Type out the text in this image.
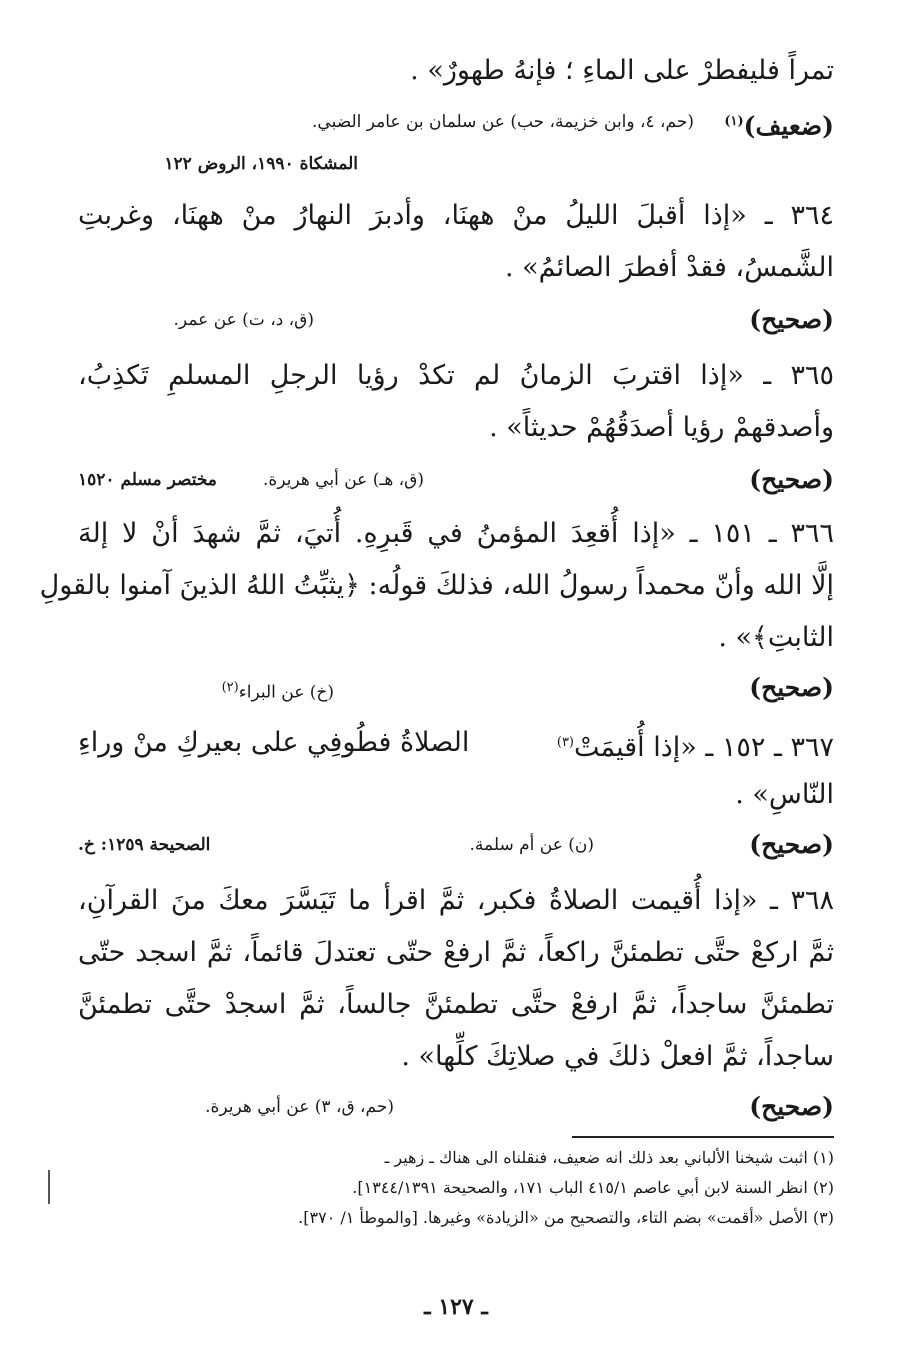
تمراً فليفطرْ على الماءِ ؛ فإنهُ طهورٌ» .
(ضعيف)$^{(١)}$
(حم، ٤، وابن خزيمة، حب) عن سلمان بن عامر الضبي.
المشكاة ١٩٩٠، الروض ١٢٢
٣٦٤ ـ «إذا أقبلَ الليلُ منْ ههنَا، وأدبرَ النهارُ منْ ههنَا، وغربتِ
الشَّمسُ، فقدْ أفطرَ الصائمُ» .
(صحيح)
(ق، د، ت) عن عمر.
٣٦٥ ـ «إذا اقتربَ الزمانُ لم تكدْ رؤيا الرجلِ المسلمِ تَكذِبُ،
وأصدقهمْ رؤيا أصدَقُهُمْ حديثاً» .
(صحيح)
(ق، هـ) عن أبي هريرة.
مختصر مسلم ١٥٢٠
٣٦٦ ـ ١٥١ ـ «إذا أُقعِدَ المؤمنُ في قَبرِهِ. أُتيَ، ثمَّ شهدَ أنْ لا إلهَ
إلَّا الله وأنّ محمداً رسولُ الله، فذلكَ قولُه: ﴿يثبِّتُ اللهُ الذينَ آمنوا بالقولِ
الثابتِ﴾» .
(صحيح)
(خ) عن البراء$^{(٢)}$
٣٦٧ ـ ١٥٢ ـ «إذا أُقيمَتْ$^{(٣)}$
الصلاةُ فطُوفِي على بعيركِ منْ وراءِ
النّاسِ» .
(صحيح)
(ن) عن أم سلمة.
الصحيحة ١٢٥٩: خ.
٣٦٨ ـ «إذا أُقيمت الصلاةُ فكبر، ثمَّ اقرأ ما تَيَسَّرَ معكَ منَ القرآنِ،
ثمَّ اركعْ حتَّى تطمئنَّ راكعاً، ثمَّ ارفعْ حتّى تعتدلَ قائماً، ثمَّ اسجد حتّى
تطمئنَّ ساجداً، ثمَّ ارفعْ حتَّى تطمئنَّ جالساً، ثمَّ اسجدْ حتَّى تطمئنَّ
ساجداً، ثمَّ افعلْ ذلكَ في صلاتِكَ كلِّها» .
(صحيح)
(حم، ق، ٣) عن أبي هريرة.
(١) اثبت شيخنا الألباني بعد ذلك انه ضعيف، فنقلناه الى هناك ـ زهير ـ
(٢) انظر السنة لابن أبي عاصم ٤١٥/١ الباب ١٧١، والصحيحة ١٣٤٤/١٣٩١].
(٣) الأصل «أقمت» بضم التاء، والتصحيح من «الزيادة» وغيرها. [والموطأ ١/ ٣٧٠].
ـ ١٢٧ ـ
